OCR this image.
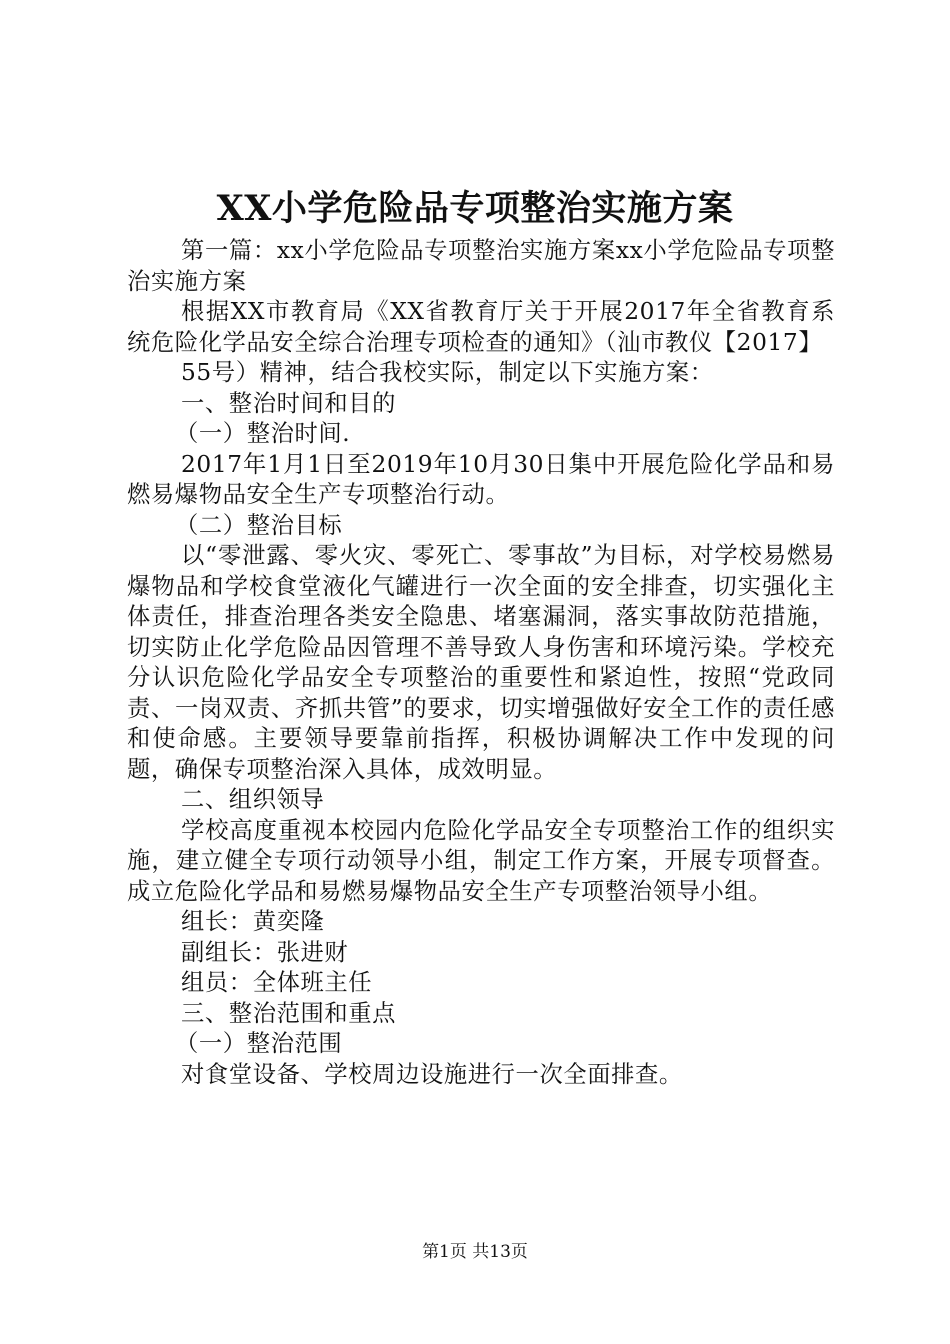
XX小学危险品专项整治实施方案

第一篇：xx小学危险品专项整治实施方案xx小学危险品专项整治实施方案

根据XX市教育局《XX省教育厅关于开展2017年全省教育系统危险化学品安全综合治理专项检查的通知》（汕市教仪【2017】

55号）精神，结合我校实际，制定以下实施方案：

一、整治时间和目的

（一）整治时间.

2017年1月1日至2019年10月30日集中开展危险化学品和易燃易爆物品安全生产专项整治行动。

（二）整治目标

以“零泄露、零火灾、零死亡、零事故”为目标，对学校易燃易爆物品和学校食堂液化气罐进行一次全面的安全排查，切实强化主体责任，排查治理各类安全隐患、堵塞漏洞，落实事故防范措施，切实防止化学危险品因管理不善导致人身伤害和环境污染。学校充分认识危险化学品安全专项整治的重要性和紧迫性，按照“党政同责、一岗双责、齐抓共管”的要求，切实增强做好安全工作的责任感和使命感。主要领导要靠前指挥，积极协调解决工作中发现的问题，确保专项整治深入具体，成效明显。

二、组织领导

学校高度重视本校园内危险化学品安全专项整治工作的组织实施，建立健全专项行动领导小组，制定工作方案，开展专项督查。成立危险化学品和易燃易爆物品安全生产专项整治领导小组。

组长：黄奕隆

副组长：张进财

组员：全体班主任

三、整治范围和重点

（一）整治范围

对食堂设备、学校周边设施进行一次全面排查。

第1页 共13页
